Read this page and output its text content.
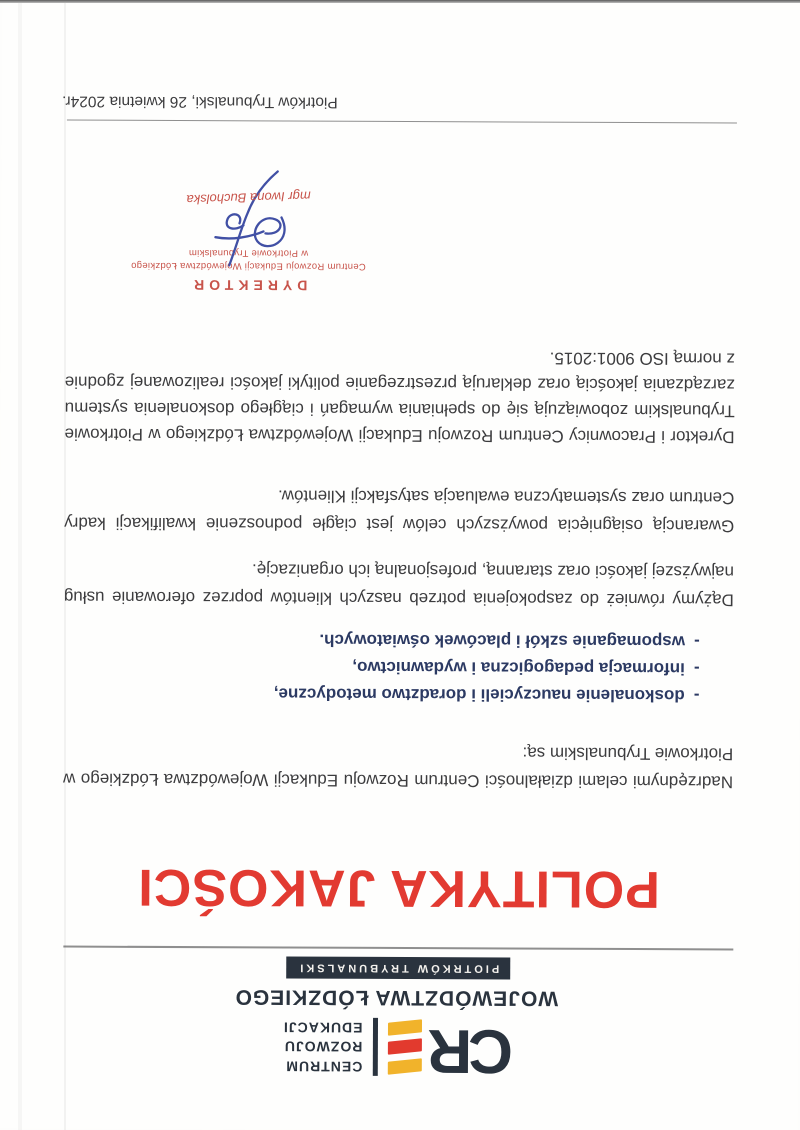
CR
CENTRUM
ROZWOJU
EDUKACJI
WOJEWÓDZTWA ŁÓDZKIEGO
PIOTRKÓW TRYBUNALSKI
POLITYKA JAKOŚCI
Nadrzędnymi celami działalności Centrum Rozwoju Edukacji Województwa Łódzkiego w Piotrkowie Trybunalskim są:
-
doskonalenie nauczycieli i doradztwo metodyczne,
-
informacja pedagogiczna i wydawnictwo,
-
wspomaganie szkół i placówek oświatowych.
Dążymy również do zaspokojenia potrzeb naszych klientów poprzez oferowanie usług najwyższej jakości oraz staranną, profesjonalną ich organizację.
Gwarancją osiągnięcia powyższych celów jest ciągłe podnoszenie kwalifikacji kadry Centrum oraz systematyczna ewaluacja satysfakcji Klientów.
Dyrektor i Pracownicy Centrum Rozwoju Edukacji Województwa Łódzkiego w Piotrkowie Trybunalskim zobowiązują się do spełniania wymagań i ciągłego doskonalenia systemu zarządzania jakością oraz deklarują przestrzeganie polityki jakości realizowanej zgodnie z normą ISO 9001:2015.
DYREKTOR
Centrum Rozwoju Edukacji Województwa Łódzkiego
w Piotrkowie Trybunalskim
mgr Iwona Bucholska
Piotrków Trybunalski, 26 kwietnia 2024r.
